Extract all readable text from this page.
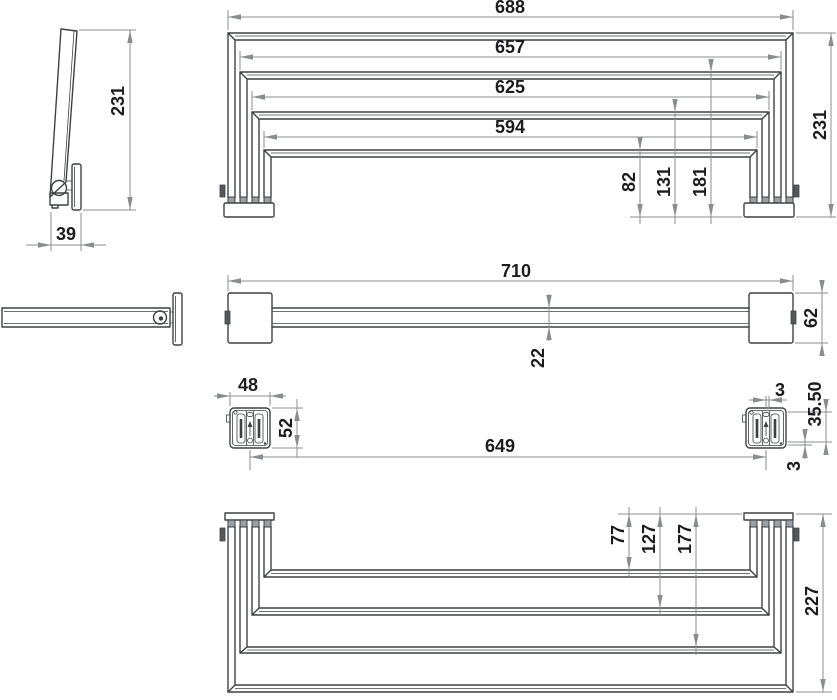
231
39
688
657
625
594
82 131 181
231
710
62
22
48
52
649
3 35.50
3
77 127 177
227
